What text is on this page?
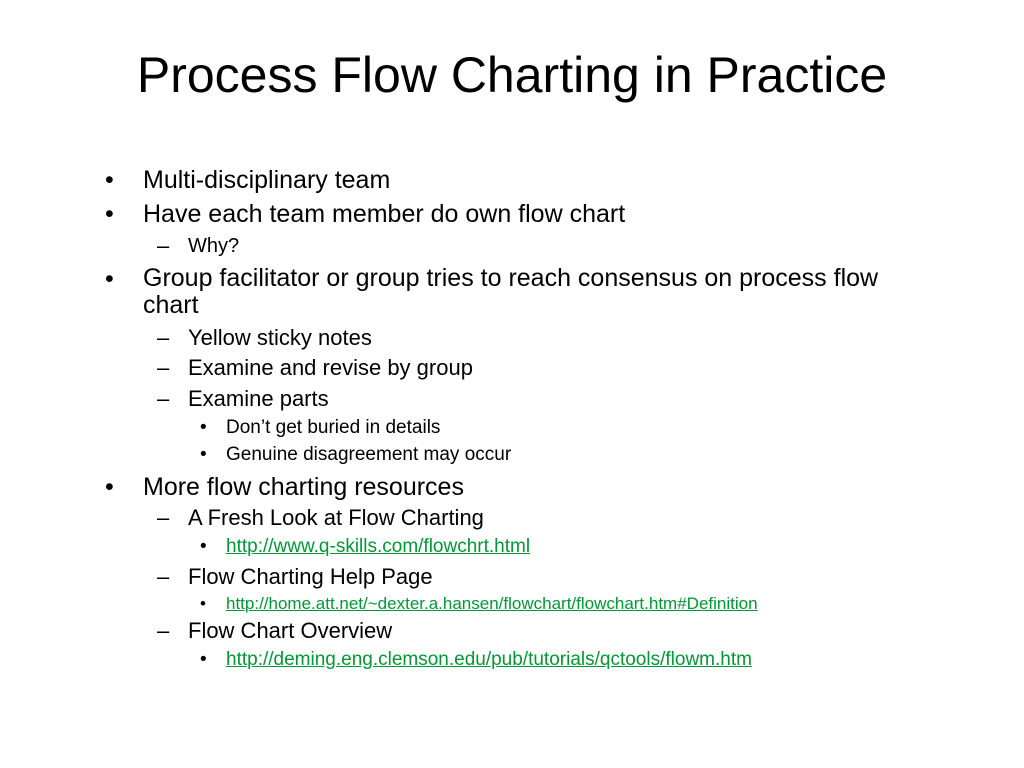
Process Flow Charting in Practice
• Multi-disciplinary team
• Have each team member do own flow chart
– Why?
• Group facilitator or group tries to reach consensus on process flow chart
– Yellow sticky notes
– Examine and revise by group
– Examine parts
• Don’t get buried in details
• Genuine disagreement may occur
• More flow charting resources
– A Fresh Look at Flow Charting
• http://www.q-skills.com/flowchrt.html
– Flow Charting Help Page
• http://home.att.net/~dexter.a.hansen/flowchart/flowchart.htm#Definition
– Flow Chart Overview
• http://deming.eng.clemson.edu/pub/tutorials/qctools/flowm.htm
